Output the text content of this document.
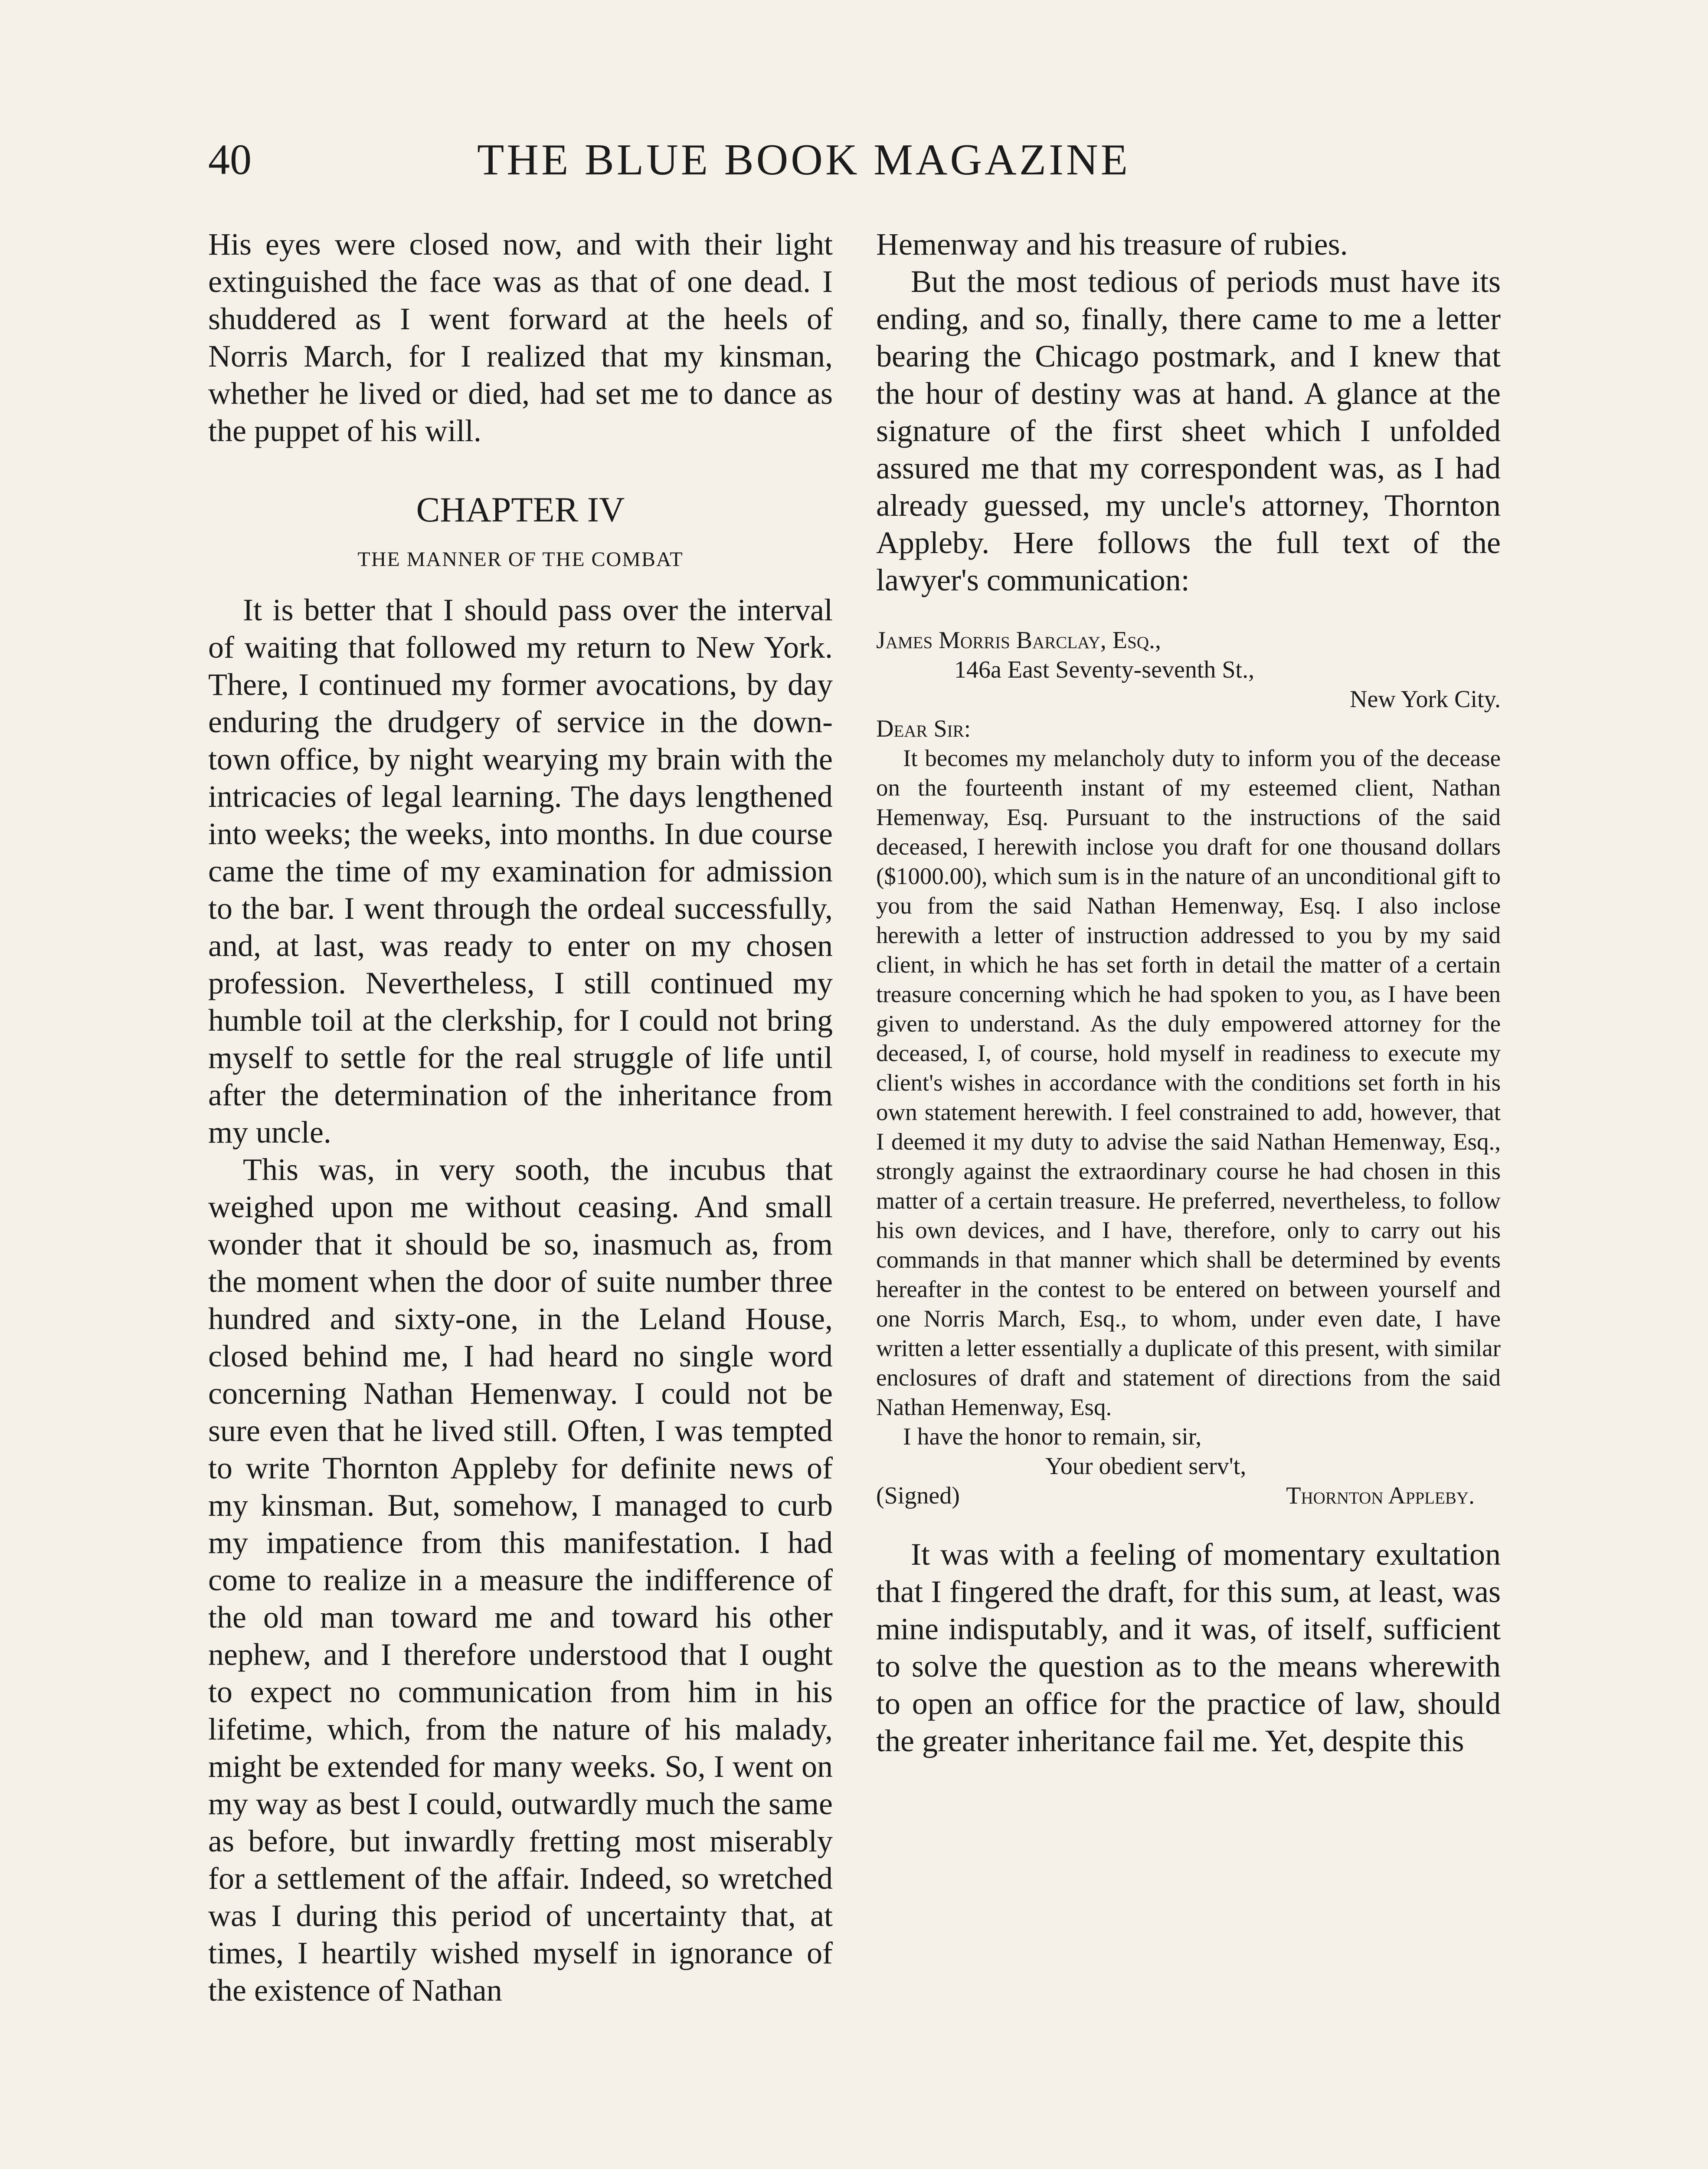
40	THE BLUE BOOK MAGAZINE

His eyes were closed now, and with their light extinguished the face was as that of one dead. I shuddered as I went forward at the heels of Norris March, for I realized that my kinsman, whether he lived or died, had set me to dance as the puppet of his will.

CHAPTER IV
THE MANNER OF THE COMBAT

It is better that I should pass over the interval of waiting that followed my return to New York. There, I continued my former avocations, by day enduring the drudgery of service in the down-town office, by night wearying my brain with the intricacies of legal learning. The days lengthened into weeks; the weeks, into months. In due course came the time of my examination for admission to the bar. I went through the ordeal successfully, and, at last, was ready to enter on my chosen profession. Nevertheless, I still continued my humble toil at the clerkship, for I could not bring myself to settle for the real struggle of life until after the determination of the inheritance from my uncle.

This was, in very sooth, the incubus that weighed upon me without ceasing. And small wonder that it should be so, inasmuch as, from the moment when the door of suite number three hundred and sixty-one, in the Leland House, closed behind me, I had heard no single word concerning Nathan Hemenway. I could not be sure even that he lived still. Often, I was tempted to write Thornton Appleby for definite news of my kinsman. But, somehow, I managed to curb my impatience from this manifestation. I had come to realize in a measure the indifference of the old man toward me and toward his other nephew, and I therefore understood that I ought to expect no communication from him in his lifetime, which, from the nature of his malady, might be extended for many weeks. So, I went on my way as best I could, outwardly much the same as before, but inwardly fretting most miserably for a settlement of the affair. Indeed, so wretched was I during this period of uncertainty that, at times, I heartily wished myself in ignorance of the existence of Nathan

Hemenway and his treasure of rubies.

But the most tedious of periods must have its ending, and so, finally, there came to me a letter bearing the Chicago postmark, and I knew that the hour of destiny was at hand. A glance at the signature of the first sheet which I unfolded assured me that my correspondent was, as I had already guessed, my uncle's attorney, Thornton Appleby. Here follows the full text of the lawyer's communication:

James Morris Barclay, Esq.,
146a East Seventy-seventh St.,
New York City.
Dear Sir:
It becomes my melancholy duty to inform you of the decease on the fourteenth instant of my esteemed client, Nathan Hemenway, Esq. Pursuant to the instructions of the said deceased, I herewith inclose you draft for one thousand dollars ($1000.00), which sum is in the nature of an unconditional gift to you from the said Nathan Hemenway, Esq. I also inclose herewith a letter of instruction addressed to you by my said client, in which he has set forth in detail the matter of a certain treasure concerning which he had spoken to you, as I have been given to understand. As the duly empowered attorney for the deceased, I, of course, hold myself in readiness to execute my client's wishes in accordance with the conditions set forth in his own statement herewith. I feel constrained to add, however, that I deemed it my duty to advise the said Nathan Hemenway, Esq., strongly against the extraordinary course he had chosen in this matter of a certain treasure. He preferred, nevertheless, to follow his own devices, and I have, therefore, only to carry out his commands in that manner which shall be determined by events hereafter in the contest to be entered on between yourself and one Norris March, Esq., to whom, under even date, I have written a letter essentially a duplicate of this present, with similar enclosures of draft and statement of directions from the said Nathan Hemenway, Esq.
I have the honor to remain, sir,
Your obedient serv't,
(Signed)	Thornton Appleby.

It was with a feeling of momentary exultation that I fingered the draft, for this sum, at least, was mine indisputably, and it was, of itself, sufficient to solve the question as to the means wherewith to open an office for the practice of law, should the greater inheritance fail me. Yet, despite this
